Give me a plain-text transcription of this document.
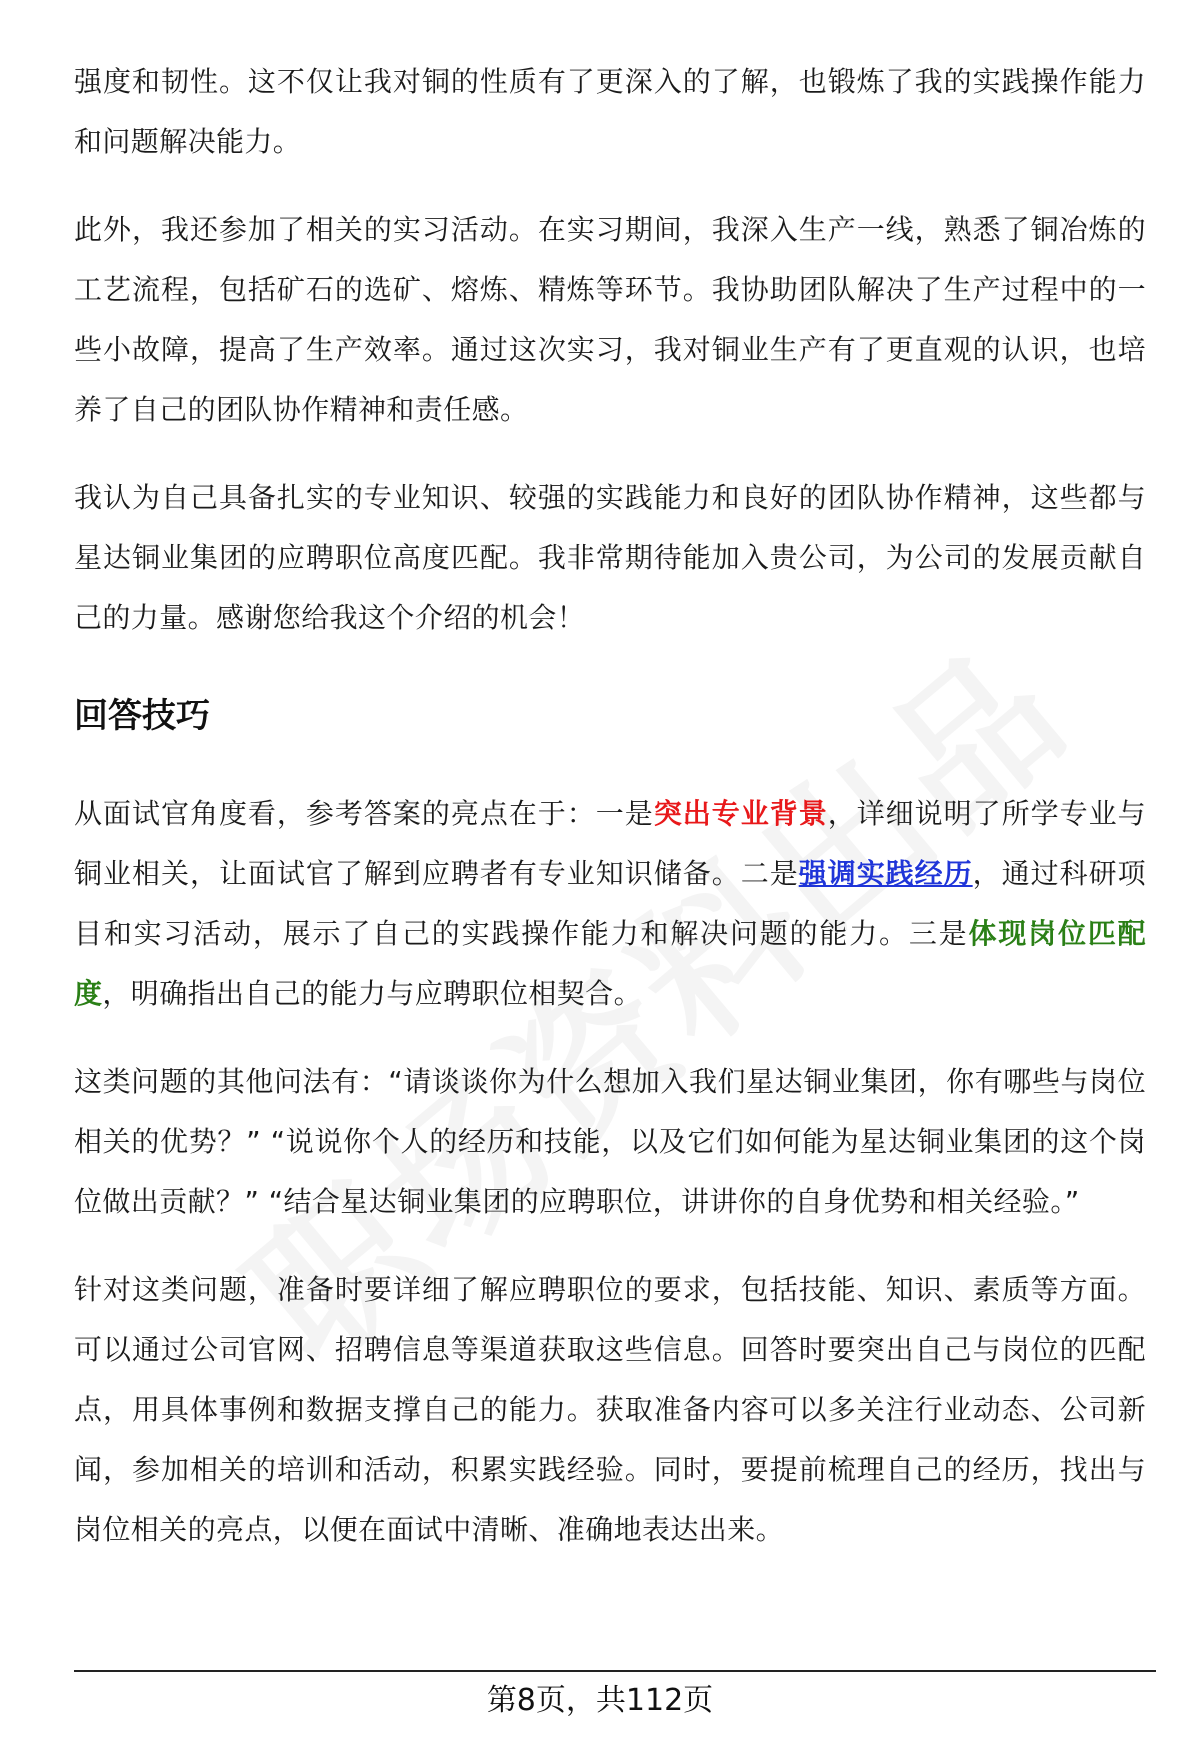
强度和韧性。这不仅让我对铜的性质有了更深入的了解，也锻炼了我的实践操作能力和问题解决能力。

此外，我还参加了相关的实习活动。在实习期间，我深入生产一线，熟悉了铜冶炼的工艺流程，包括矿石的选矿、熔炼、精炼等环节。我协助团队解决了生产过程中的一些小故障，提高了生产效率。通过这次实习，我对铜业生产有了更直观的认识，也培养了自己的团队协作精神和责任感。

我认为自己具备扎实的专业知识、较强的实践能力和良好的团队协作精神，这些都与星达铜业集团的应聘职位高度匹配。我非常期待能加入贵公司，为公司的发展贡献自己的力量。感谢您给我这个介绍的机会！

回答技巧

从面试官角度看，参考答案的亮点在于：一是突出专业背景，详细说明了所学专业与铜业相关，让面试官了解到应聘者有专业知识储备。二是强调实践经历，通过科研项目和实习活动，展示了自己的实践操作能力和解决问题的能力。三是体现岗位匹配度，明确指出自己的能力与应聘职位相契合。

这类问题的其他问法有：“请谈谈你为什么想加入我们星达铜业集团，你有哪些与岗位相关的优势？” “说说你个人的经历和技能，以及它们如何能为星达铜业集团的这个岗位做出贡献？” “结合星达铜业集团的应聘职位，讲讲你的自身优势和相关经验。”

针对这类问题，准备时要详细了解应聘职位的要求，包括技能、知识、素质等方面。可以通过公司官网、招聘信息等渠道获取这些信息。回答时要突出自己与岗位的匹配点，用具体事例和数据支撑自己的能力。获取准备内容可以多关注行业动态、公司新闻，参加相关的培训和活动，积累实践经验。同时，要提前梳理自己的经历，找出与岗位相关的亮点，以便在面试中清晰、准确地表达出来。

第8页，共112页
